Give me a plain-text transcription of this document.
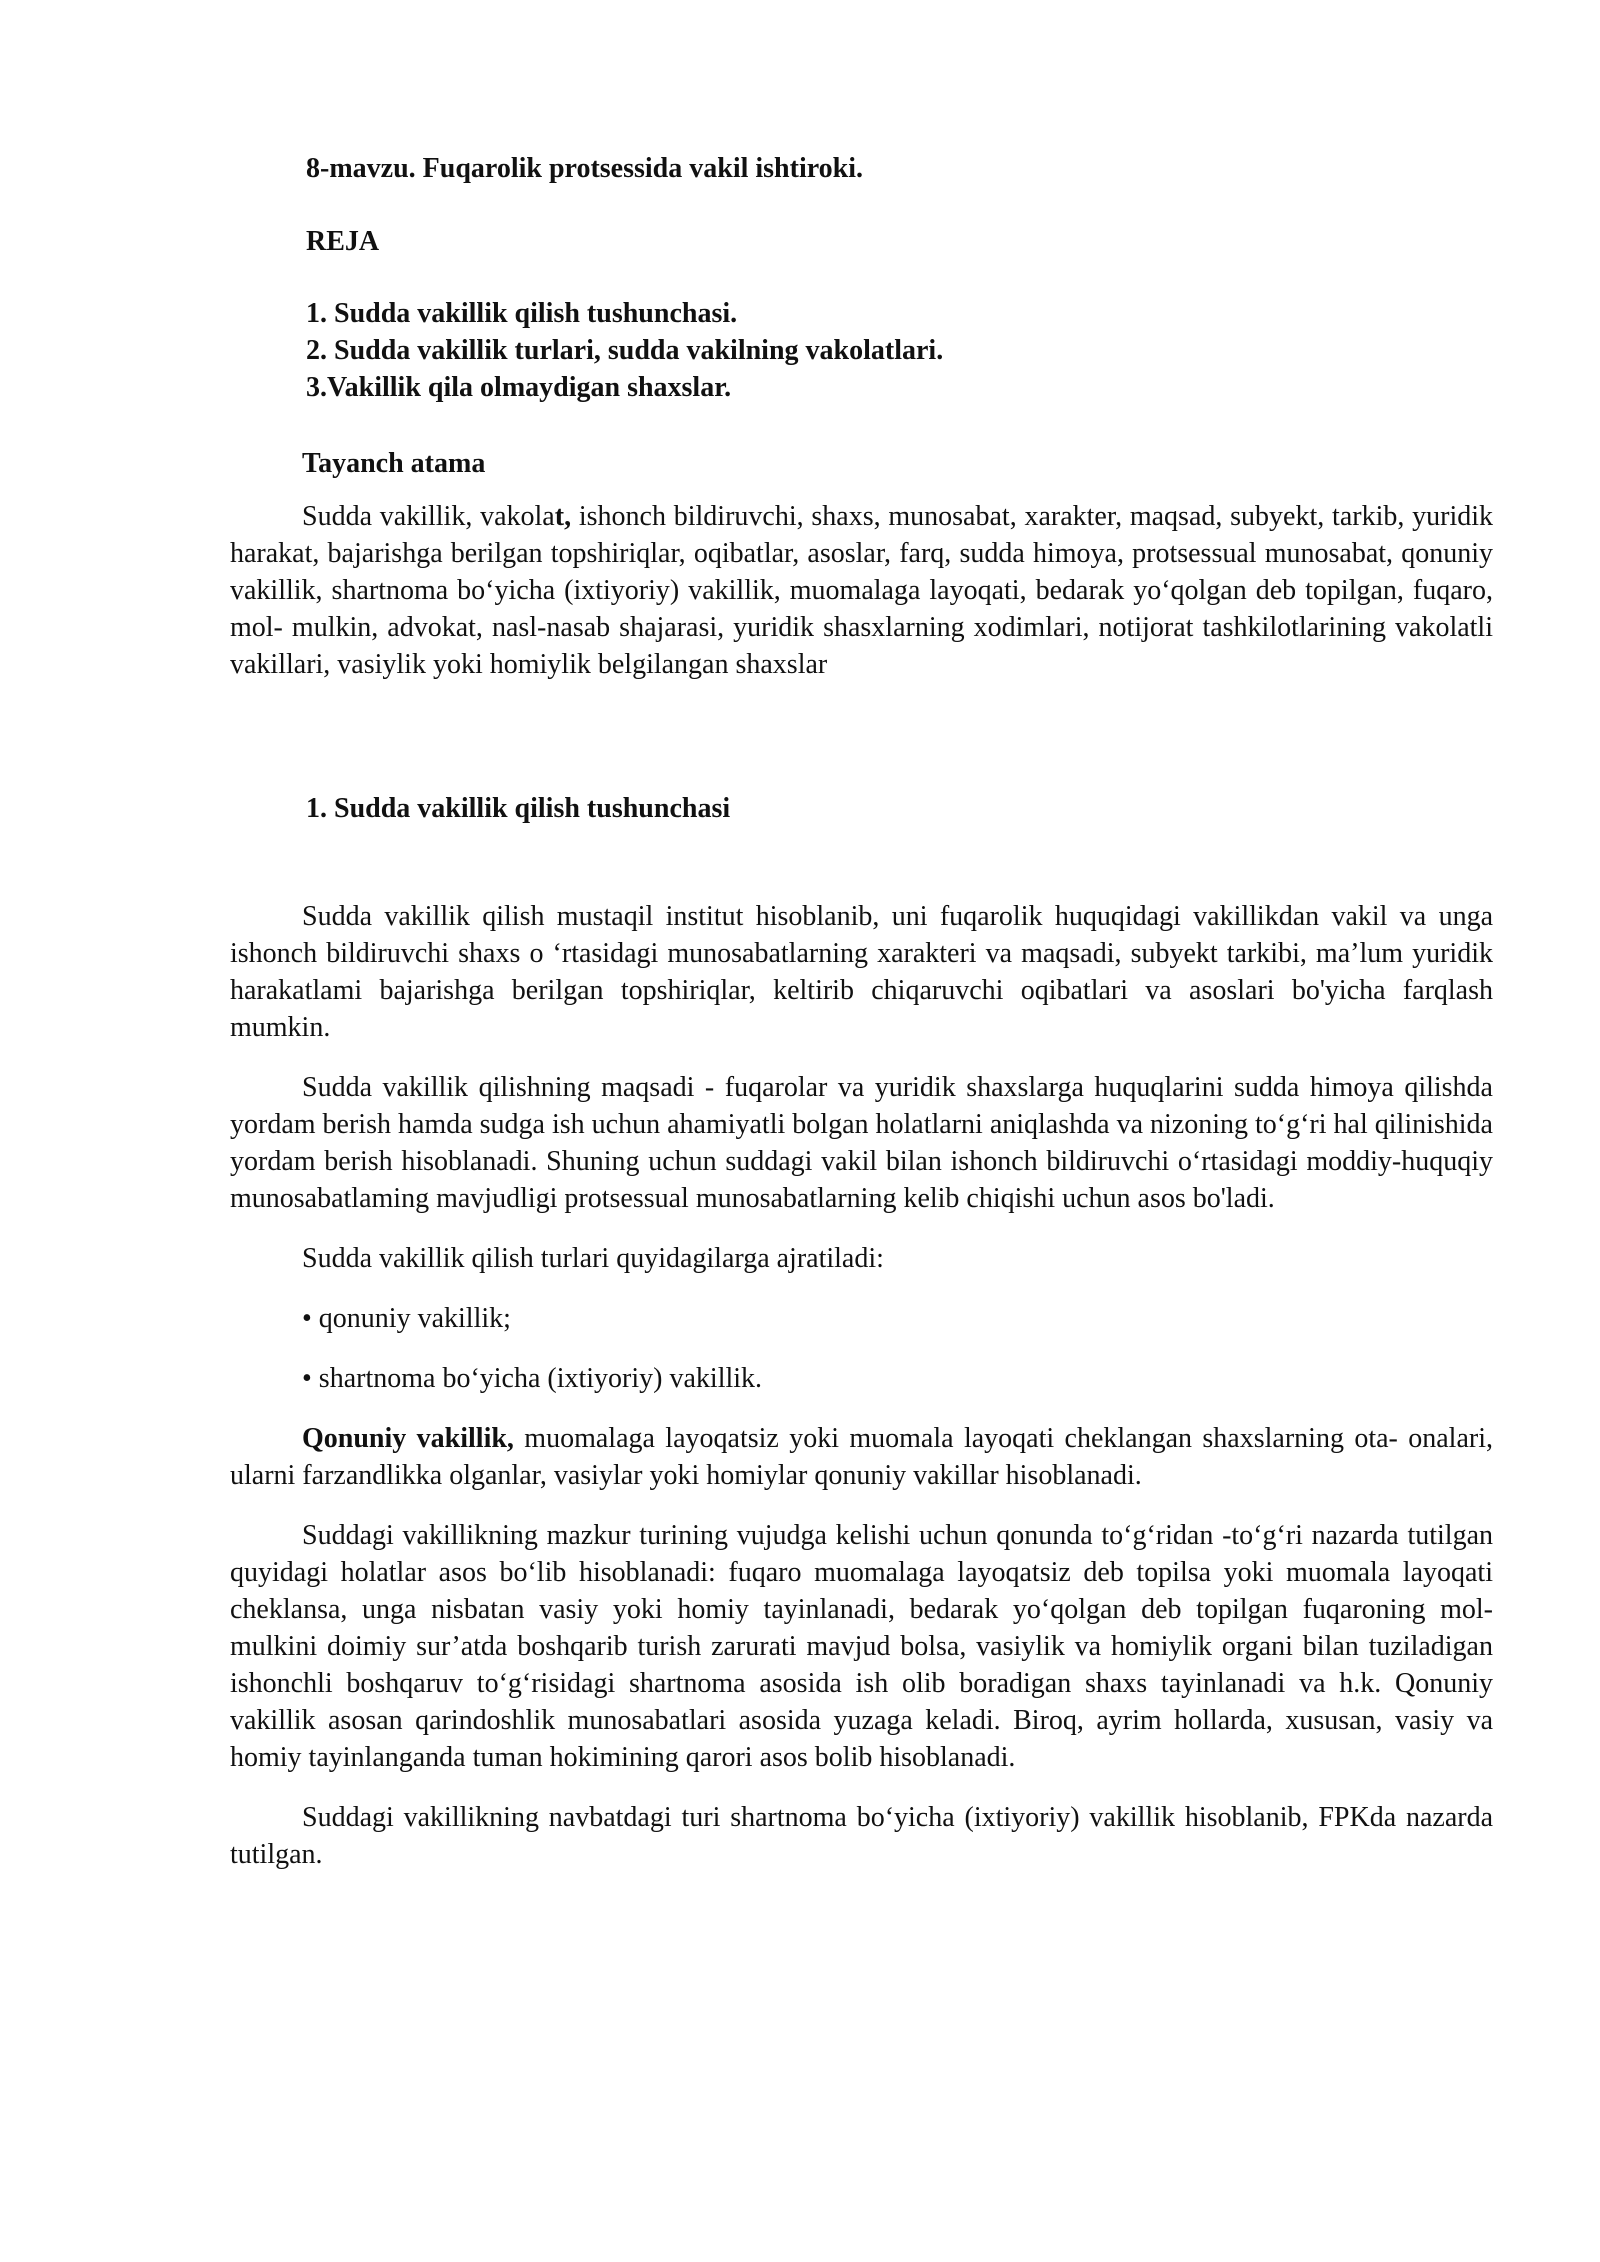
8-mavzu. Fuqarolik protsessida vakil ishtiroki.

REJA

1. Sudda vakillik qilish tushunchasi.
2. Sudda vakillik turlari, sudda vakilning vakolatlari.
3.Vakillik qila olmaydigan shaxslar.

Tayanch atama

Sudda vakillik, vakolat, ishonch bildiruvchi, shaxs, munosabat, xarakter, maqsad, subyekt, tarkib, yuridik harakat, bajarishga berilgan topshiriqlar, oqibatlar, asoslar, farq, sudda himoya, protsessual munosabat, qonuniy vakillik, shartnoma bo‘yicha (ixtiyoriy) vakillik, muomalaga layoqati, bedarak yo‘qolgan deb topilgan, fuqaro, mol- mulkin, advokat, nasl-nasab shajarasi, yuridik shasxlarning xodimlari, notijorat tashkilotlarining vakolatli vakillari, vasiylik yoki homiylik belgilangan shaxslar

1. Sudda vakillik qilish tushunchasi

Sudda vakillik qilish mustaqil institut hisoblanib, uni fuqarolik huquqidagi vakillikdan vakil va unga ishonch bildiruvchi shaxs o ‘rtasidagi munosabatlarning xarakteri va maqsadi, subyekt tarkibi, ma’lum yuridik harakatlami bajarishga berilgan topshiriqlar, keltirib chiqaruvchi oqibatlari va asoslari bo'yicha farqlash mumkin.

Sudda vakillik qilishning maqsadi - fuqarolar va yuridik shaxslarga huquqlarini sudda himoya qilishda yordam berish hamda sudga ish uchun ahamiyatli bolgan holatlarni aniqlashda va nizoning to‘g‘ri hal qilinishida yordam berish hisoblanadi. Shuning uchun suddagi vakil bilan ishonch bildiruvchi o‘rtasidagi moddiy-huquqiy munosabatlaming mavjudligi protsessual munosabatlarning kelib chiqishi uchun asos bo'ladi.

Sudda vakillik qilish turlari quyidagilarga ajratiladi:

• qonuniy vakillik;

• shartnoma bo‘yicha (ixtiyoriy) vakillik.

Qonuniy vakillik, muomalaga layoqatsiz yoki muomala layoqati cheklangan shaxslarning ota- onalari, ularni farzandlikka olganlar, vasiylar yoki homiylar qonuniy vakillar hisoblanadi.

Suddagi vakillikning mazkur turining vujudga kelishi uchun qonunda to‘g‘ridan -to‘g‘ri nazarda tutilgan quyidagi holatlar asos bo‘lib hisoblanadi: fuqaro muomalaga layoqatsiz deb topilsa yoki muomala layoqati cheklansa, unga nisbatan vasiy yoki homiy tayinlanadi, bedarak yo‘qolgan deb topilgan fuqaroning mol- mulkini doimiy sur’atda boshqarib turish zarurati mavjud bolsa, vasiylik va homiylik organi bilan tuziladigan ishonchli boshqaruv to‘g‘risidagi shartnoma asosida ish olib boradigan shaxs tayinlanadi va h.k. Qonuniy vakillik asosan qarindoshlik munosabatlari asosida yuzaga keladi. Biroq, ayrim hollarda, xususan, vasiy va homiy tayinlanganda tuman hokimining qarori asos bolib hisoblanadi.

Suddagi vakillikning navbatdagi turi shartnoma bo‘yicha (ixtiyoriy) vakillik hisoblanib, FPKda nazarda tutilgan.
